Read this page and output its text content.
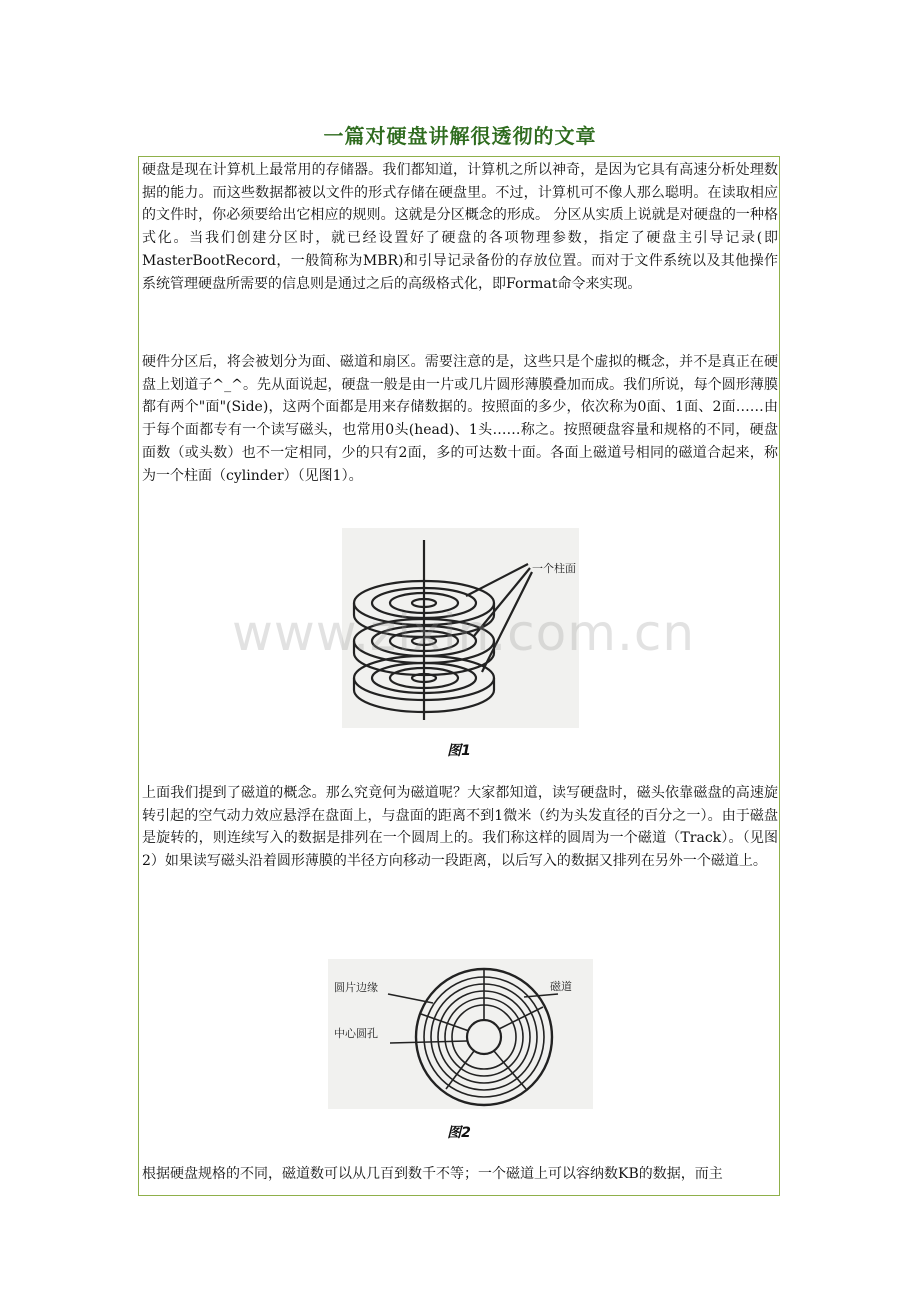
一篇对硬盘讲解很透彻的文章

硬盘是现在计算机上最常用的存储器。我们都知道，计算机之所以神奇，是因为它具有高速分析处理数据的能力。而这些数据都被以文件的形式存储在硬盘里。不过，计算机可不像人那么聪明。在读取相应的文件时，你必须要给出它相应的规则。这就是分区概念的形成。 分区从实质上说就是对硬盘的一种格式化。当我们创建分区时，就已经设置好了硬盘的各项物理参数，指定了硬盘主引导记录(即MasterBootRecord，一般简称为MBR)和引导记录备份的存放位置。而对于文件系统以及其他操作系统管理硬盘所需要的信息则是通过之后的高级格式化，即Format命令来实现。

硬件分区后，将会被划分为面、磁道和扇区。需要注意的是，这些只是个虚拟的概念，并不是真正在硬盘上划道子^_^。先从面说起，硬盘一般是由一片或几片圆形薄膜叠加而成。我们所说，每个圆形薄膜都有两个"面"(Side)，这两个面都是用来存储数据的。按照面的多少，依次称为0面、1面、2面……由于每个面都专有一个读写磁头，也常用0头(head)、1头……称之。按照硬盘容量和规格的不同，硬盘面数（或头数）也不一定相同，少的只有2面，多的可达数十面。各面上磁道号相同的磁道合起来，称为一个柱面（cylinder）（见图1）。

一个柱面
图1

上面我们提到了磁道的概念。那么究竟何为磁道呢？大家都知道，读写硬盘时，磁头依靠磁盘的高速旋转引起的空气动力效应悬浮在盘面上，与盘面的距离不到1微米（约为头发直径的百分之一）。由于磁盘是旋转的，则连续写入的数据是排列在一个圆周上的。我们称这样的圆周为一个磁道（Track）。（见图2）如果读写磁头沿着圆形薄膜的半径方向移动一段距离，以后写入的数据又排列在另外一个磁道上。

圆片边缘	磁道
中心圆孔
图2

根据硬盘规格的不同，磁道数可以从几百到数千不等；一个磁道上可以容纳数KB的数据，而主

www.zixin.com.cn
